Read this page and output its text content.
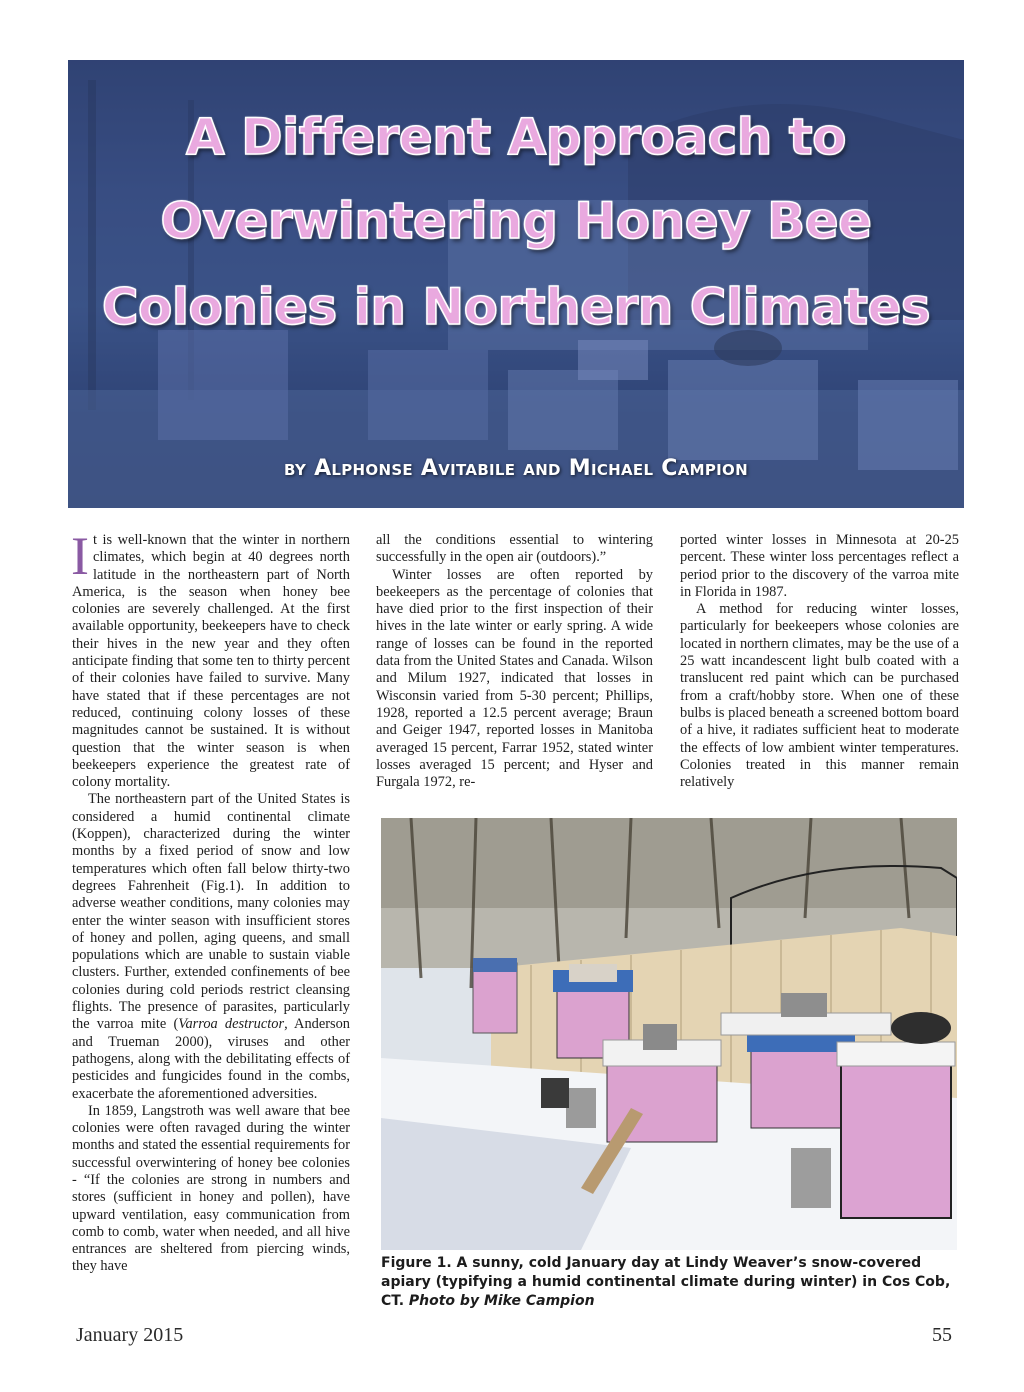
A Different Approach to
Overwintering Honey Bee
Colonies in Northern Climates
by Alphonse Avitabile and Michael Campion

It is well-known that the winter in northern climates, which begin at 40 degrees north latitude in the northeastern part of North America, is the season when honey bee colonies are severely challenged. At the first available opportunity, beekeepers have to check their hives in the new year and they often anticipate finding that some ten to thirty percent of their colonies have failed to survive. Many have stated that if these percentages are not reduced, continuing colony losses of these magnitudes cannot be sustained. It is without question that the winter season is when beekeepers experience the greatest rate of colony mortality.

The northeastern part of the United States is considered a humid continental climate (Koppen), characterized during the winter months by a fixed period of snow and low temperatures which often fall below thirty-two degrees Fahrenheit (Fig.1). In addition to adverse weather conditions, many colonies may enter the winter season with insufficient stores of honey and pollen, aging queens, and small populations which are unable to sustain viable clusters. Further, extended confinements of bee colonies during cold periods restrict cleansing flights. The presence of parasites, particularly the varroa mite (Varroa destructor, Anderson and Trueman 2000), viruses and other pathogens, along with the debilitating effects of pesticides and fungicides found in the combs, exacerbate the aforementioned adversities.

In 1859, Langstroth was well aware that bee colonies were often ravaged during the winter months and stated the essential requirements for successful overwintering of honey bee colonies - “If the colonies are strong in numbers and stores (sufficient in honey and pollen), have upward ventilation, easy communication from comb to comb, water when needed, and all hive entrances are sheltered from piercing winds, they have

all the conditions essential to wintering successfully in the open air (outdoors).”

Winter losses are often reported by beekeepers as the percentage of colonies that have died prior to the first inspection of their hives in the late winter or early spring. A wide range of losses can be found in the reported data from the United States and Canada. Wilson and Milum 1927, indicated that losses in Wisconsin varied from 5-30 percent; Phillips, 1928, reported a 12.5 percent average; Braun and Geiger 1947, reported losses in Manitoba averaged 15 percent, Farrar 1952, stated winter losses averaged 15 percent; and Hyser and Furgala 1972, re-

ported winter losses in Minnesota at 20-25 percent. These winter loss percentages reflect a period prior to the discovery of the varroa mite in Florida in 1987.

A method for reducing winter losses, particularly for beekeepers whose colonies are located in northern climates, may be the use of a 25 watt incandescent light bulb coated with a translucent red paint which can be purchased from a craft/hobby store. When one of these bulbs is placed beneath a screened bottom board of a hive, it radiates sufficient heat to moderate the effects of low ambient winter temperatures. Colonies treated in this manner remain relatively

Figure 1. A sunny, cold January day at Lindy Weaver’s snow-covered apiary (typifying a humid continental climate during winter) in Cos Cob, CT. Photo by Mike Campion
January 2015	55
